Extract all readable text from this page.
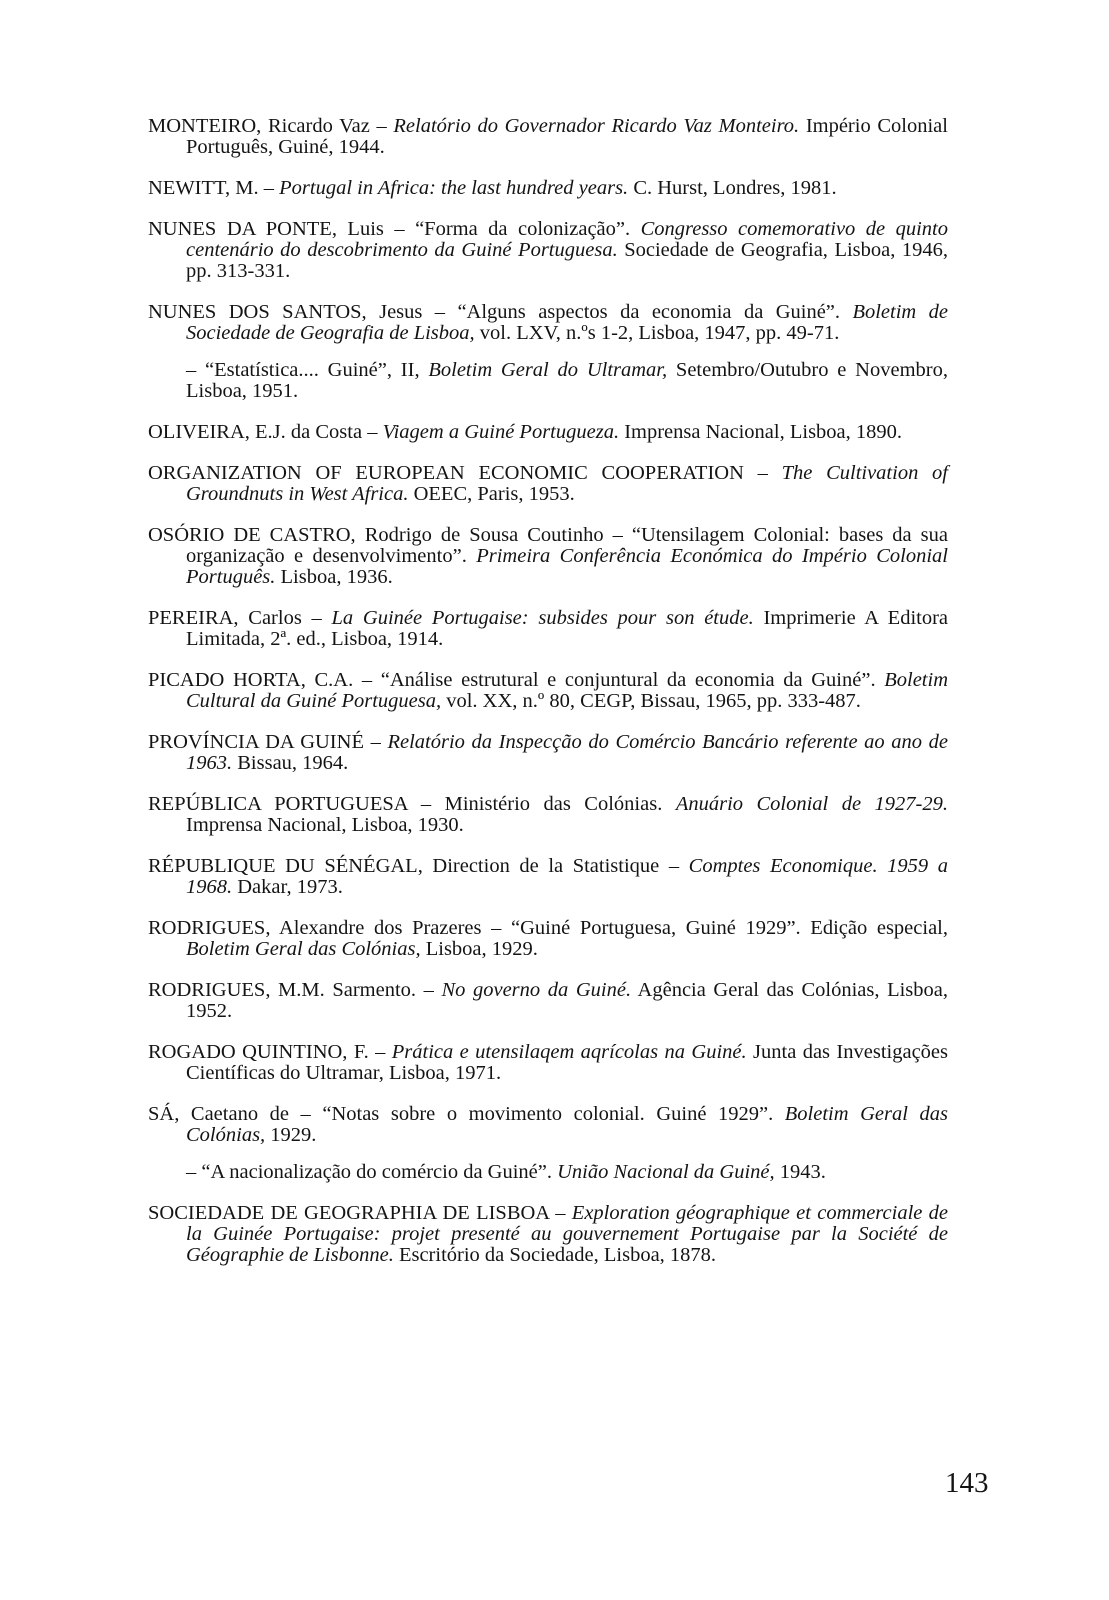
MONTEIRO, Ricardo Vaz – Relatório do Governador Ricardo Vaz Monteiro. Império Colonial Português, Guiné, 1944.

NEWITT, M. – Portugal in Africa: the last hundred years. C. Hurst, Londres, 1981.

NUNES DA PONTE, Luis – “Forma da colonização”. Congresso comemorativo de quinto centenário do descobrimento da Guiné Portuguesa. Sociedade de Geografia, Lisboa, 1946, pp. 313-331.

NUNES DOS SANTOS, Jesus – “Alguns aspectos da economia da Guiné”. Boletim de Sociedade de Geografia de Lisboa, vol. LXV, n.ºs 1-2, Lisboa, 1947, pp. 49-71.

– “Estatística.... Guiné”, II, Boletim Geral do Ultramar, Setembro/Outubro e Novembro, Lisboa, 1951.

OLIVEIRA, E.J. da Costa – Viagem a Guiné Portugueza. Imprensa Nacional, Lisboa, 1890.

ORGANIZATION OF EUROPEAN ECONOMIC COOPERATION – The Cultivation of Groundnuts in West Africa. OEEC, Paris, 1953.

OSÓRIO DE CASTRO, Rodrigo de Sousa Coutinho – “Utensilagem Colonial: bases da sua organização e desenvolvimento”. Primeira Conferência Económica do Império Colonial Português. Lisboa, 1936.

PEREIRA, Carlos – La Guinée Portugaise: subsides pour son étude. Imprimerie A Editora Limitada, 2ª. ed., Lisboa, 1914.

PICADO HORTA, C.A. – “Análise estrutural e conjuntural da economia da Guiné”. Boletim Cultural da Guiné Portuguesa, vol. XX, n.º 80, CEGP, Bissau, 1965, pp. 333-487.

PROVÍNCIA DA GUINÉ – Relatório da Inspecção do Comércio Bancário referente ao ano de 1963. Bissau, 1964.

REPÚBLICA PORTUGUESA – Ministério das Colónias. Anuário Colonial de 1927-29. Imprensa Nacional, Lisboa, 1930.

RÉPUBLIQUE DU SÉNÉGAL, Direction de la Statistique – Comptes Economique. 1959 a 1968. Dakar, 1973.

RODRIGUES, Alexandre dos Prazeres – “Guiné Portuguesa, Guiné 1929”. Edição especial, Boletim Geral das Colónias, Lisboa, 1929.

RODRIGUES, M.M. Sarmento. – No governo da Guiné. Agência Geral das Colónias, Lisboa, 1952.

ROGADO QUINTINO, F. – Prática e utensilaqem aqrícolas na Guiné. Junta das Investigações Científicas do Ultramar, Lisboa, 1971.

SÁ, Caetano de – “Notas sobre o movimento colonial. Guiné 1929”. Boletim Geral das Colónias, 1929.

– “A nacionalização do comércio da Guiné”. União Nacional da Guiné, 1943.

SOCIEDADE DE GEOGRAPHIA DE LISBOA – Exploration géographique et commerciale de la Guinée Portugaise: projet presenté au gouvernement Portugaise par la Société de Géographie de Lisbonne. Escritório da Sociedade, Lisboa, 1878.

143
